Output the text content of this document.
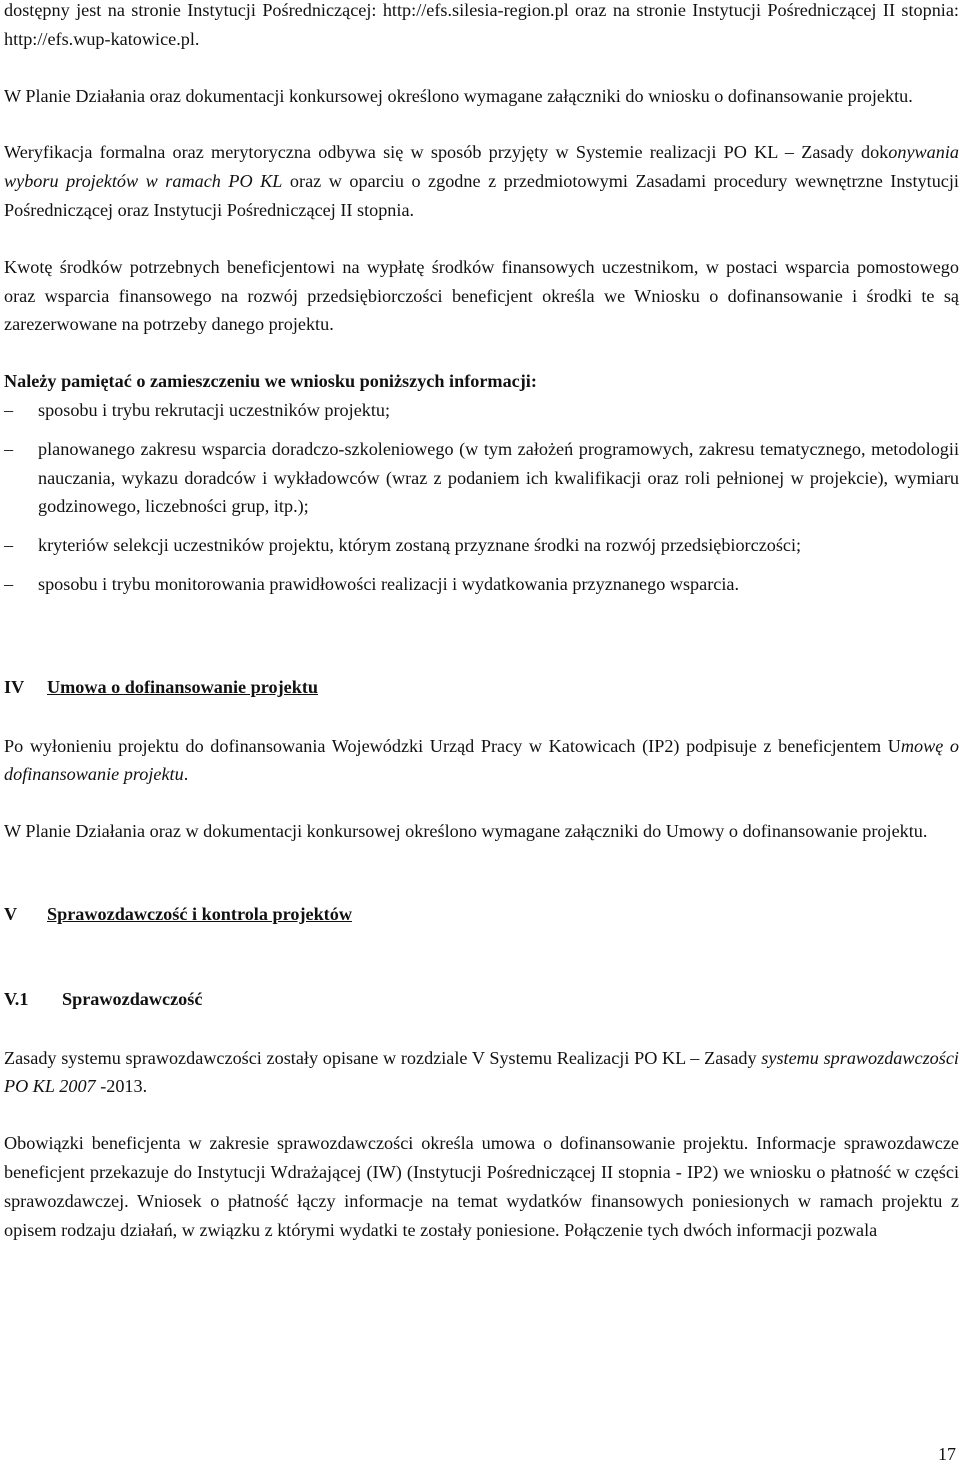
dostępny jest na stronie Instytucji Pośredniczącej: http://efs.silesia-region.pl oraz na stronie Instytucji Pośredniczącej II stopnia: http://efs.wup-katowice.pl.

W Planie Działania oraz dokumentacji konkursowej określono wymagane załączniki do wniosku o dofinansowanie projektu.

Weryfikacja formalna oraz merytoryczna odbywa się w sposób przyjęty w Systemie realizacji PO KL – Zasady dokonywania wyboru projektów w ramach PO KL oraz w oparciu o zgodne z przedmiotowymi Zasadami procedury wewnętrzne Instytucji Pośredniczącej oraz Instytucji Pośredniczącej II stopnia.

Kwotę środków potrzebnych beneficjentowi na wypłatę środków finansowych uczestnikom, w postaci wsparcia pomostowego oraz wsparcia finansowego na rozwój przedsiębiorczości beneficjent określa we Wniosku o dofinansowanie i środki te są zarezerwowane na potrzeby danego projektu.

Należy pamiętać o zamieszczeniu we wniosku poniższych informacji:

– sposobu i trybu rekrutacji uczestników projektu;
– planowanego zakresu wsparcia doradczo-szkoleniowego (w tym założeń programowych, zakresu tematycznego, metodologii nauczania, wykazu doradców i wykładowców (wraz z podaniem ich kwalifikacji oraz roli pełnionej w projekcie), wymiaru godzinowego, liczebności grup, itp.);
– kryteriów selekcji uczestników projektu, którym zostaną przyznane środki na rozwój przedsiębiorczości;
– sposobu i trybu monitorowania prawidłowości realizacji i wydatkowania przyznanego wsparcia.
IV	Umowa o dofinansowanie projektu

Po wyłonieniu projektu do dofinansowania Wojewódzki Urząd Pracy w Katowicach (IP2) podpisuje z beneficjentem Umowę o dofinansowanie projektu.

W Planie Działania oraz w dokumentacji konkursowej określono wymagane załączniki do Umowy o dofinansowanie projektu.

V	Sprawozdawczość i kontrola projektów
V.1	Sprawozdawczość

Zasady systemu sprawozdawczości zostały opisane w rozdziale V Systemu Realizacji PO KL – Zasady systemu sprawozdawczości PO KL 2007 -2013.

Obowiązki beneficjenta w zakresie sprawozdawczości określa umowa o dofinansowanie projektu. Informacje sprawozdawcze beneficjent przekazuje do Instytucji Wdrażającej (IW) (Instytucji Pośredniczącej II stopnia - IP2) we wniosku o płatność w części sprawozdawczej. Wniosek o płatność łączy informacje na temat wydatków finansowych poniesionych w ramach projektu z opisem rodzaju działań, w związku z którymi wydatki te zostały poniesione. Połączenie tych dwóch informacji pozwala

17
